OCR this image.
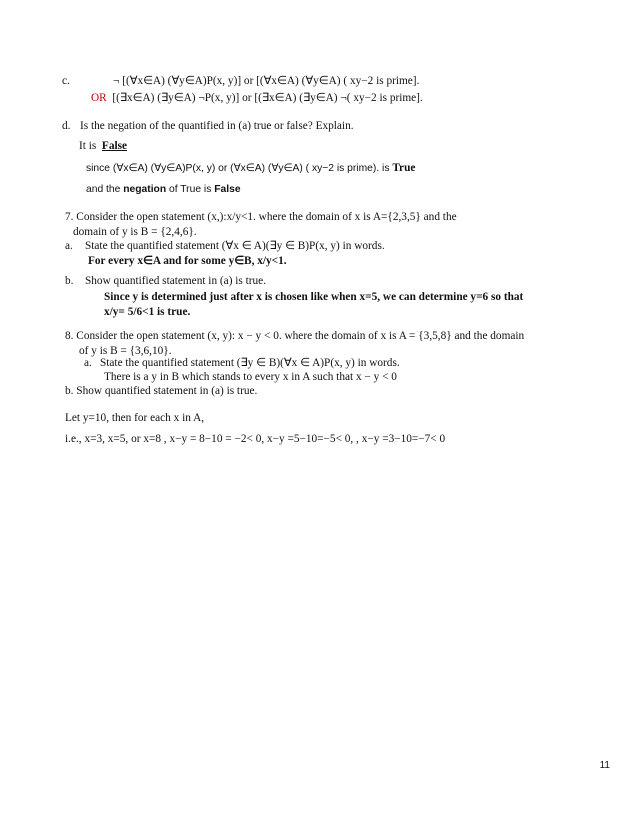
c.	¬ [(∀x∈A) (∀y∈A)P(x, y)] or [(∀x∈A) (∀y∈A) ( xy−2 is prime].
OR [(∃x∈A) (∃y∈A) ¬P(x, y)] or [(∃x∈A) (∃y∈A) ¬( xy−2 is prime].
d. Is the negation of the quantified in (a) true or false? Explain.
It is False
since (∀x∈A) (∀y∈A)P(x, y) or (∀x∈A) (∀y∈A) ( xy−2 is prime). is True
and the negation of True is False
7. Consider the open statement (x,):x/y<1. where the domain of x is A={2,3,5} and the
domain of y is B = {2,4,6}.
a. State the quantified statement (∀x ∈ A)(∃y ∈ B)P(x, y) in words.
For every x∈A and for some y∈B, x/y<1.
b. Show quantified statement in (a) is true.
Since y is determined just after x is chosen like when x=5, we can determine y=6 so that
x/y= 5/6<1 is true.
8. Consider the open statement (x, y): x − y < 0. where the domain of x is A = {3,5,8} and the domain
of y is B = {3,6,10}.
a. State the quantified statement (∃y ∈ B)(∀x ∈ A)P(x, y) in words.
There is a y in B which stands to every x in A such that x − y < 0
b. Show quantified statement in (a) is true.
Let y=10, then for each x in A,
i.e., x=3, x=5, or x=8 , x−y = 8−10 = −2< 0, x−y =5−10=−5< 0, , x−y =3−10=−7< 0
11
